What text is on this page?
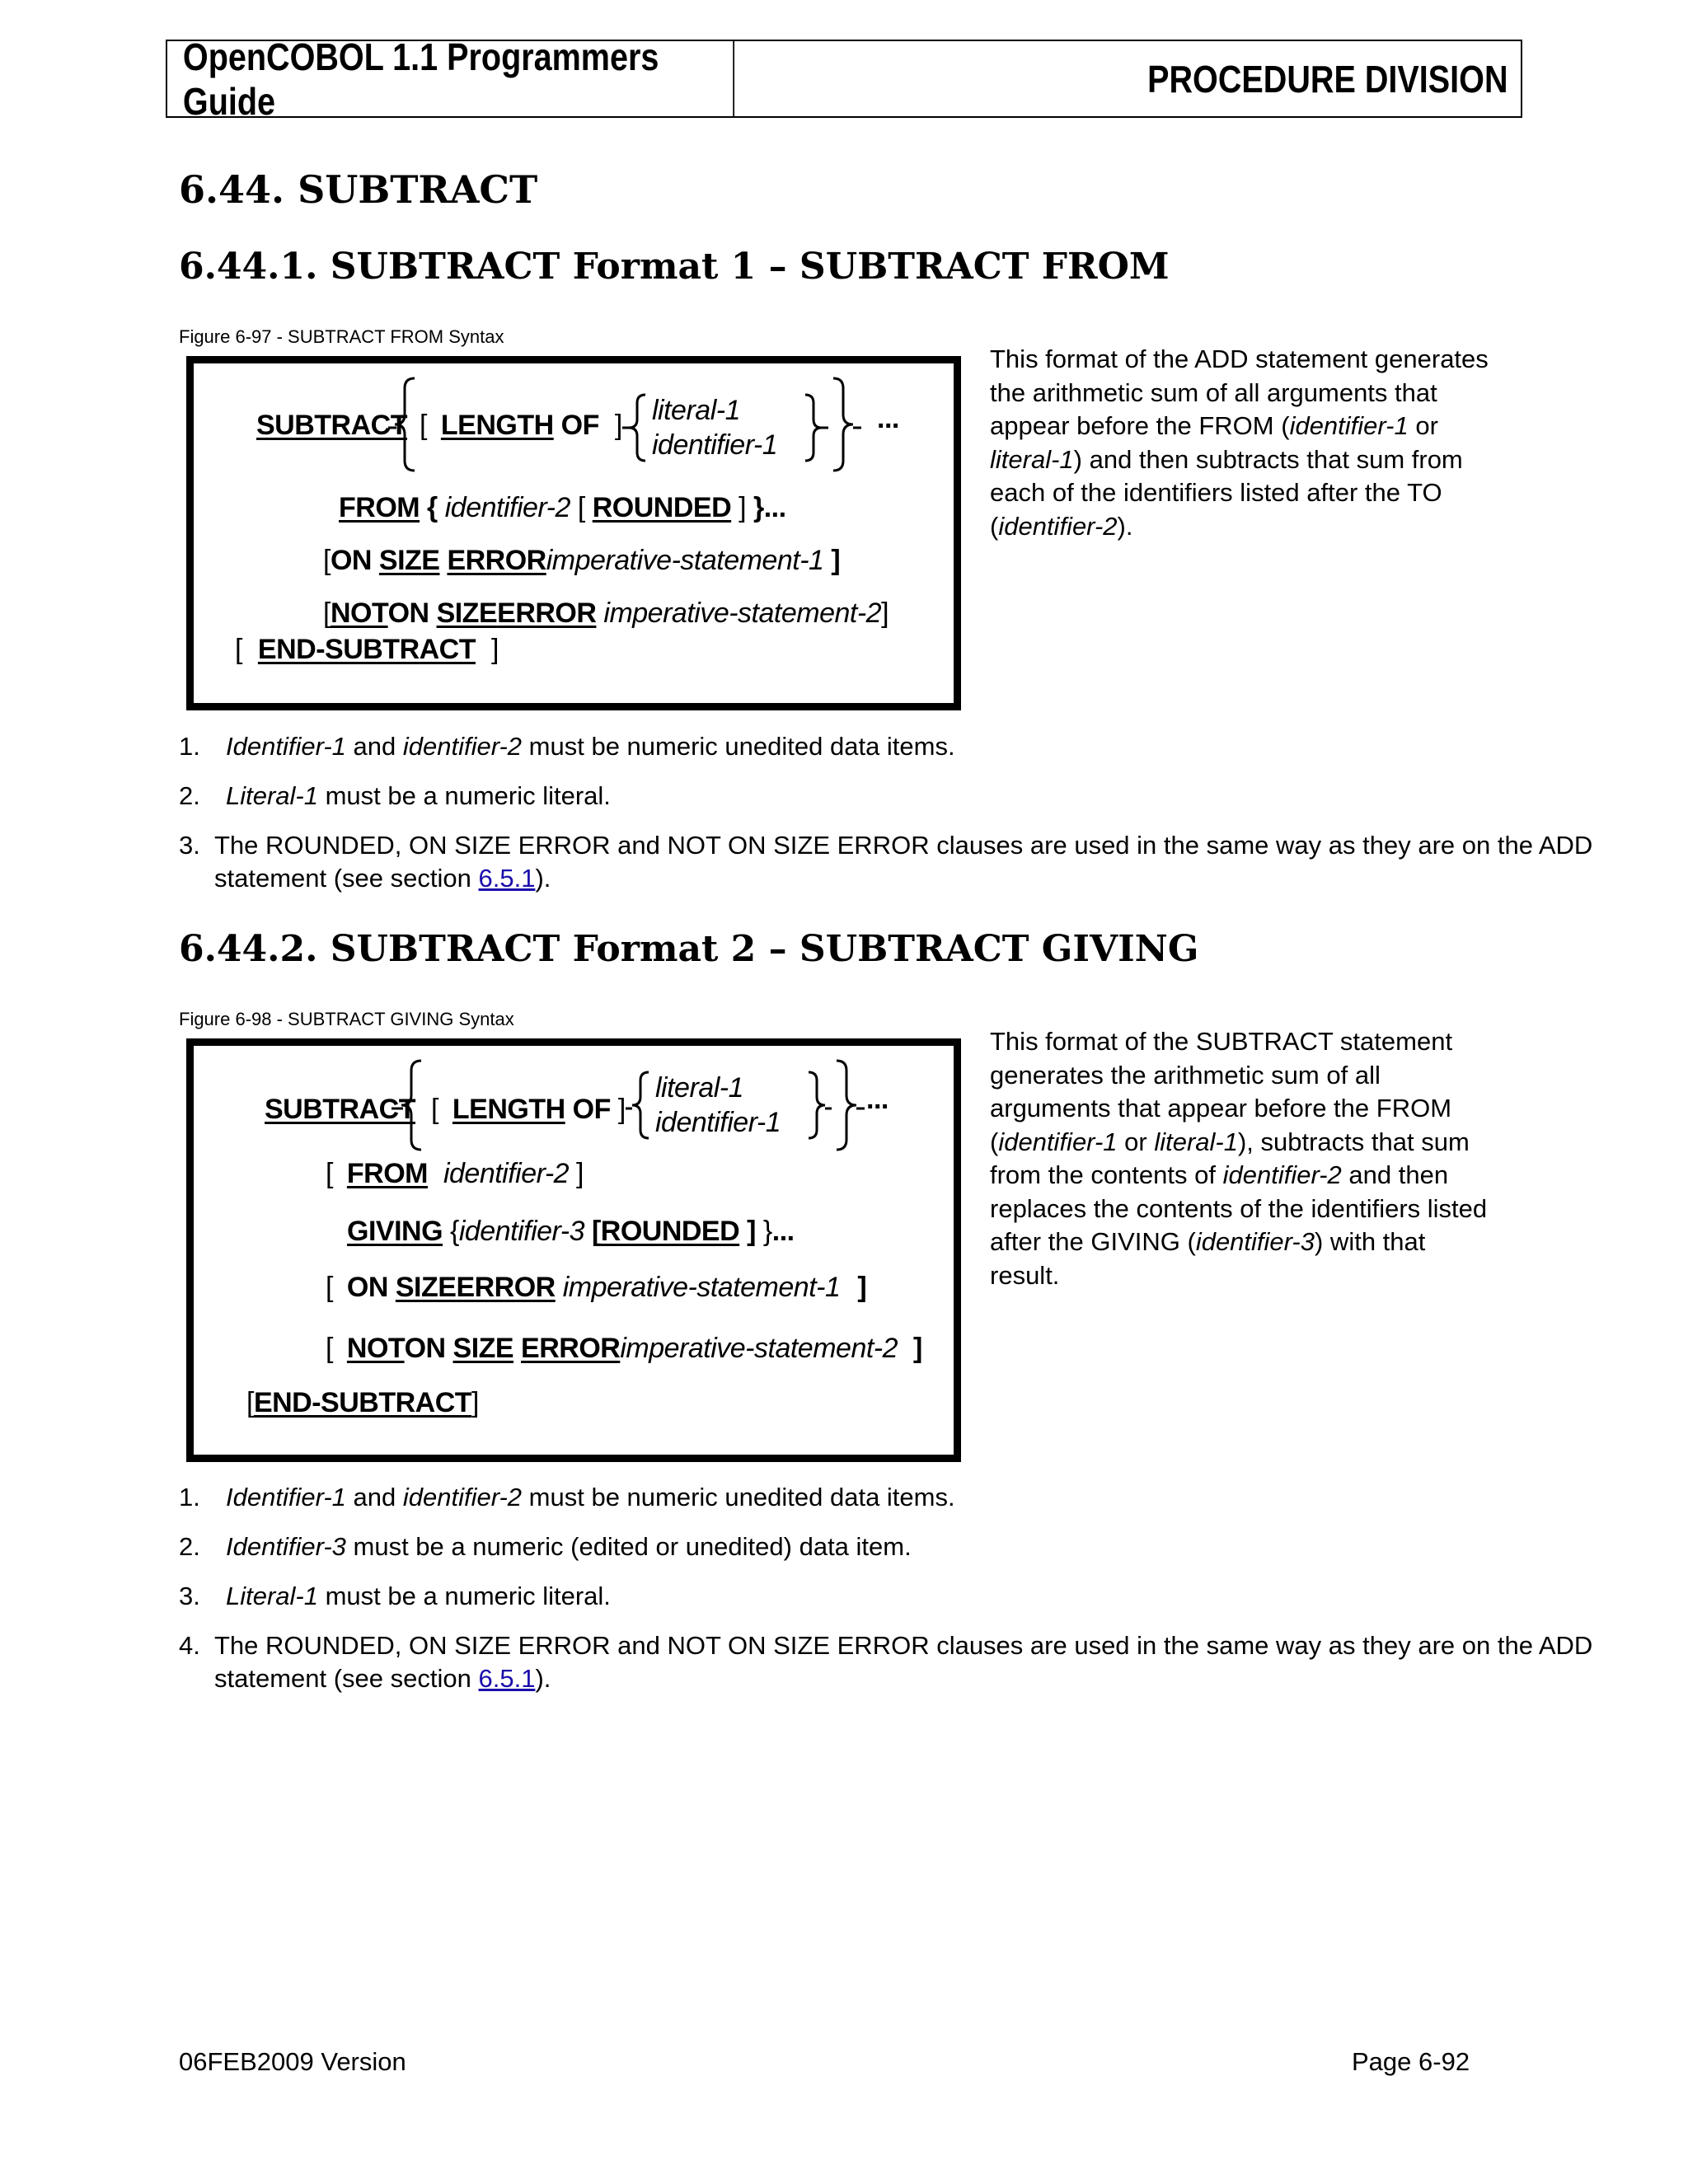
OpenCOBOL 1.1 Programmers Guide
PROCEDURE DIVISION
6.44. SUBTRACT
6.44.1. SUBTRACT Format 1 – SUBTRACT FROM
Figure 6-97 - SUBTRACT FROM Syntax
SUBTRACT [ LENGTH OF ] literal-1
identifier-1
...
FROM { identifier-2 [ ROUNDED ] }...
[ON SIZE ERRORimperative-statement-1 ]
[NOTON SIZEERROR imperative-statement-2]
[ END-SUBTRACT ]
This format of the ADD statement generates the arithmetic sum of all arguments that appear before the FROM (identifier-1 or literal-1) and then subtracts that sum from each of the identifiers listed after the TO (identifier-2).
1. Identifier-1 and identifier-2 must be numeric unedited data items.
2. Literal-1 must be a numeric literal.
3. The ROUNDED, ON SIZE ERROR and NOT ON SIZE ERROR clauses are used in the same way as they are on the ADD
statement (see section 6.5.1).
6.44.2. SUBTRACT Format 2 – SUBTRACT GIVING
Figure 6-98 - SUBTRACT GIVING Syntax
SUBTRACT [ LENGTH OF ]
literal-1
identifier-1
...
[ FROM identifier-2 ]
GIVING {identifier-3 [ROUNDED ] }...
[ ON SIZEERROR imperative-statement-1 ]
[ NOTON SIZE ERRORimperative-statement-2 ]
[END-SUBTRACT]
This format of the SUBTRACT statement generates the arithmetic sum of all arguments that appear before the FROM (identifier-1 or literal-1), subtracts that sum from the contents of identifier-2 and then replaces the contents of the identifiers listed after the GIVING (identifier-3) with that result.
1. Identifier-1 and identifier-2 must be numeric unedited data items.
2. Identifier-3 must be a numeric (edited or unedited) data item.
3. Literal-1 must be a numeric literal.
4. The ROUNDED, ON SIZE ERROR and NOT ON SIZE ERROR clauses are used in the same way as they are on the ADD
statement (see section 6.5.1).
06FEB2009 Version	Page 6-92
